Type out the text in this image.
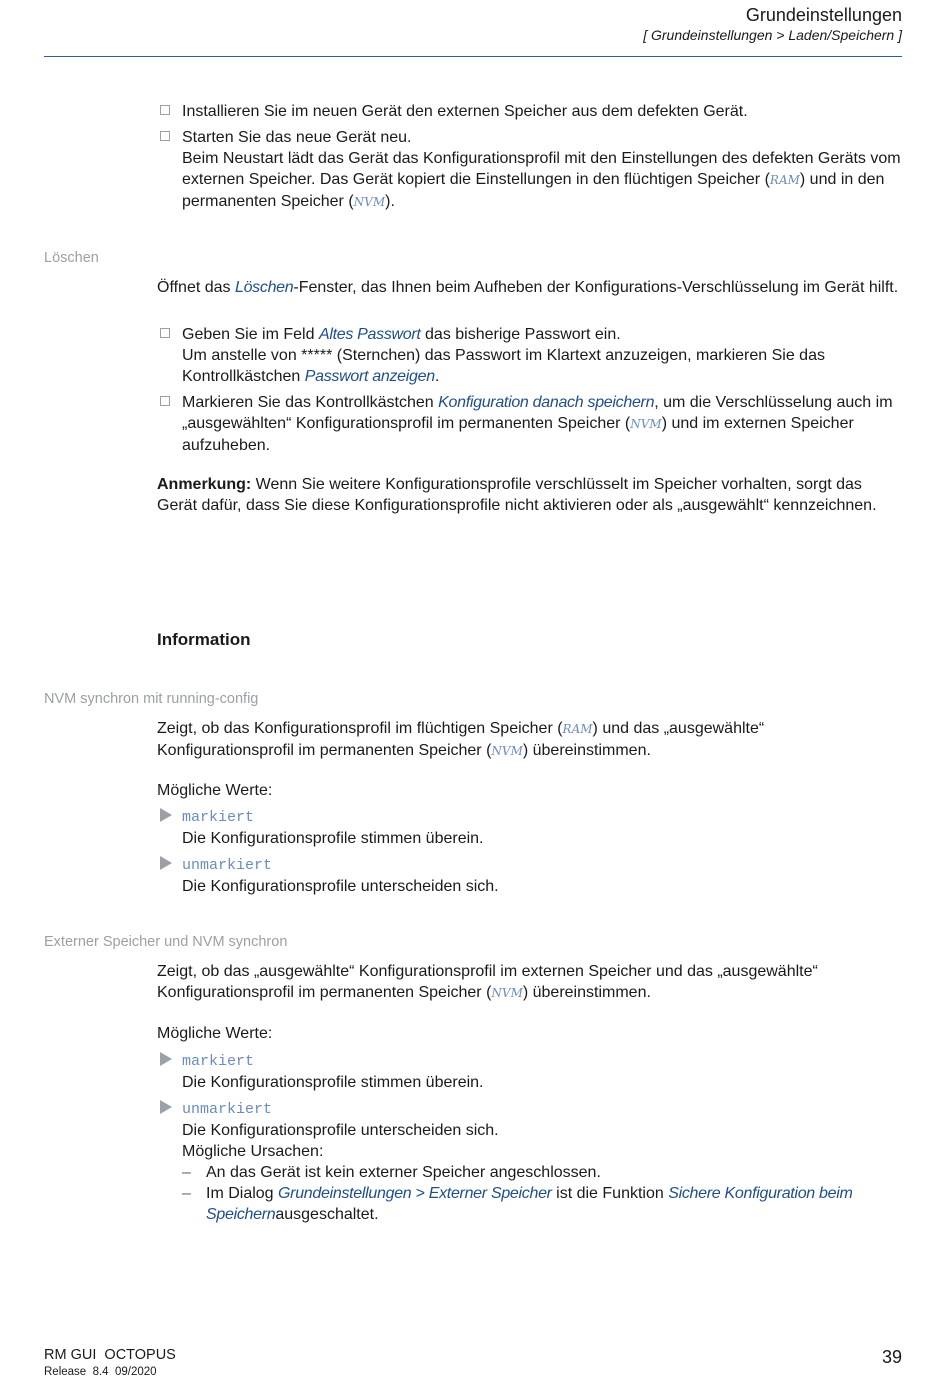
Grundeinstellungen
[ Grundeinstellungen > Laden/Speichern ]
Installieren Sie im neuen Gerät den externen Speicher aus dem defekten Gerät.
Starten Sie das neue Gerät neu.
Beim Neustart lädt das Gerät das Konfigurationsprofil mit den Einstellungen des defekten Geräts vom externen Speicher. Das Gerät kopiert die Einstellungen in den flüchtigen Speicher (RAM) und in den permanenten Speicher (NVM).
Löschen
Öffnet das Löschen-Fenster, das Ihnen beim Aufheben der Konfigurations-Verschlüsselung im Gerät hilft.
Geben Sie im Feld Altes Passwort das bisherige Passwort ein.
Um anstelle von ***** (Sternchen) das Passwort im Klartext anzuzeigen, markieren Sie das Kontrollkästchen Passwort anzeigen.
Markieren Sie das Kontrollkästchen Konfiguration danach speichern, um die Verschlüsselung auch im „ausgewählten“ Konfigurationsprofil im permanenten Speicher (NVM) und im externen Speicher aufzuheben.
Anmerkung: Wenn Sie weitere Konfigurationsprofile verschlüsselt im Speicher vorhalten, sorgt das Gerät dafür, dass Sie diese Konfigurationsprofile nicht aktivieren oder als „ausgewählt“ kennzeichnen.
Information
NVM synchron mit running-config
Zeigt, ob das Konfigurationsprofil im flüchtigen Speicher (RAM) und das „ausgewählte“ Konfigurationsprofil im permanenten Speicher (NVM) übereinstimmen.
Mögliche Werte:
markiert
Die Konfigurationsprofile stimmen überein.
unmarkiert
Die Konfigurationsprofile unterscheiden sich.
Externer Speicher und NVM synchron
Zeigt, ob das „ausgewählte“ Konfigurationsprofil im externen Speicher und das „ausgewählte“ Konfigurationsprofil im permanenten Speicher (NVM) übereinstimmen.
Mögliche Werte:
markiert
Die Konfigurationsprofile stimmen überein.
unmarkiert
Die Konfigurationsprofile unterscheiden sich.
Mögliche Ursachen:
– An das Gerät ist kein externer Speicher angeschlossen.
– Im Dialog Grundeinstellungen > Externer Speicher ist die Funktion Sichere Konfiguration beim Speichernausgeschaltet.
RM GUI  OCTOPUS
Release  8.4  09/2020
39
